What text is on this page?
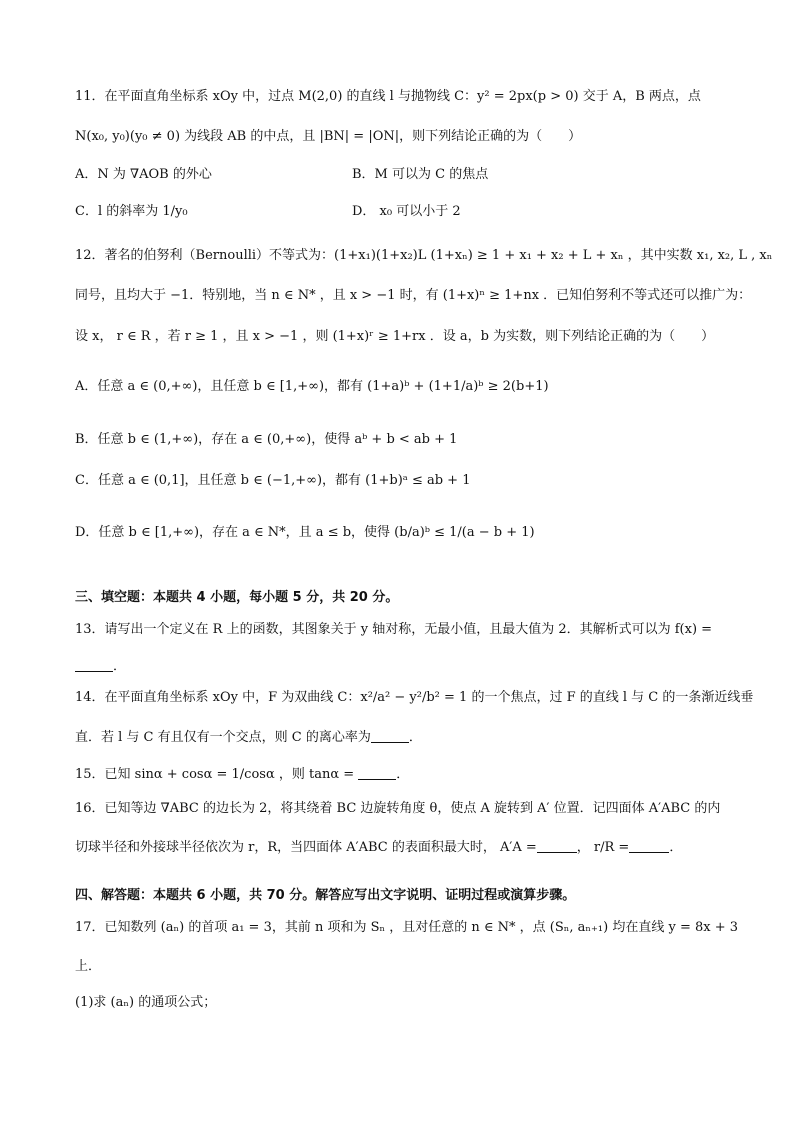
11．在平面直角坐标系 xOy 中，过点 M(2,0) 的直线 l 与抛物线 C：y² = 2px(p > 0) 交于 A，B 两点，点
N(x₀, y₀)(y₀ ≠ 0) 为线段 AB 的中点，且 |BN| = |ON|，则下列结论正确的为（　　）
A．N 为 ∇AOB 的外心	B．M 可以为 C 的焦点
C．l 的斜率为 1/y₀	D． x₀ 可以小于 2
12．著名的伯努利（Bernoulli）不等式为：(1+x₁)(1+x₂)L (1+xₙ) ≥ 1 + x₁ + x₂ + L + xₙ ，其中实数 x₁, x₂, L , xₙ
同号，且均大于 −1．特别地，当 n ∈ N* ，且 x > −1 时，有 (1+x)ⁿ ≥ 1+nx ．已知伯努利不等式还可以推广为：
设 x， r ∈ R ，若 r ≥ 1 ，且 x > −1 ，则 (1+x)ʳ ≥ 1+rx ．设 a，b 为实数，则下列结论正确的为（　　）
A．任意 a ∈ (0,+∞)，且任意 b ∈ [1,+∞)，都有 (1+a)ᵇ + (1+1/a)ᵇ ≥ 2(b+1)
B．任意 b ∈ (1,+∞)，存在 a ∈ (0,+∞)，使得 aᵇ + b < ab + 1
C．任意 a ∈ (0,1]，且任意 b ∈ (−1,+∞)，都有 (1+b)ᵃ ≤ ab + 1
D．任意 b ∈ [1,+∞)，存在 a ∈ N*，且 a ≤ b，使得 (b/a)ᵇ ≤ 1/(a − b + 1)
三、填空题：本题共 4 小题，每小题 5 分，共 20 分。
13．请写出一个定义在 R 上的函数，其图象关于 y 轴对称，无最小值，且最大值为 2．其解析式可以为 f(x) =
．
14．在平面直角坐标系 xOy 中，F 为双曲线 C：x²/a² − y²/b² = 1 的一个焦点，过 F 的直线 l 与 C 的一条渐近线垂
直．若 l 与 C 有且仅有一个交点，则 C 的离心率为	．
15．已知 sinα + cosα = 1/cosα ，则 tanα =	．
16．已知等边 ∇ABC 的边长为 2，将其绕着 BC 边旋转角度 θ，使点 A 旋转到 A′ 位置．记四面体 A′ABC 的内
切球半径和外接球半径依次为 r，R，当四面体 A′ABC 的表面积最大时， A′A =	， r/R =	．
四、解答题：本题共 6 小题，共 70 分。解答应写出文字说明、证明过程或演算步骤。
17．已知数列 (aₙ) 的首项 a₁ = 3，其前 n 项和为 Sₙ ，且对任意的 n ∈ N* ，点 (Sₙ, aₙ₊₁) 均在直线 y = 8x + 3
上．
(1)求 (aₙ) 的通项公式；
